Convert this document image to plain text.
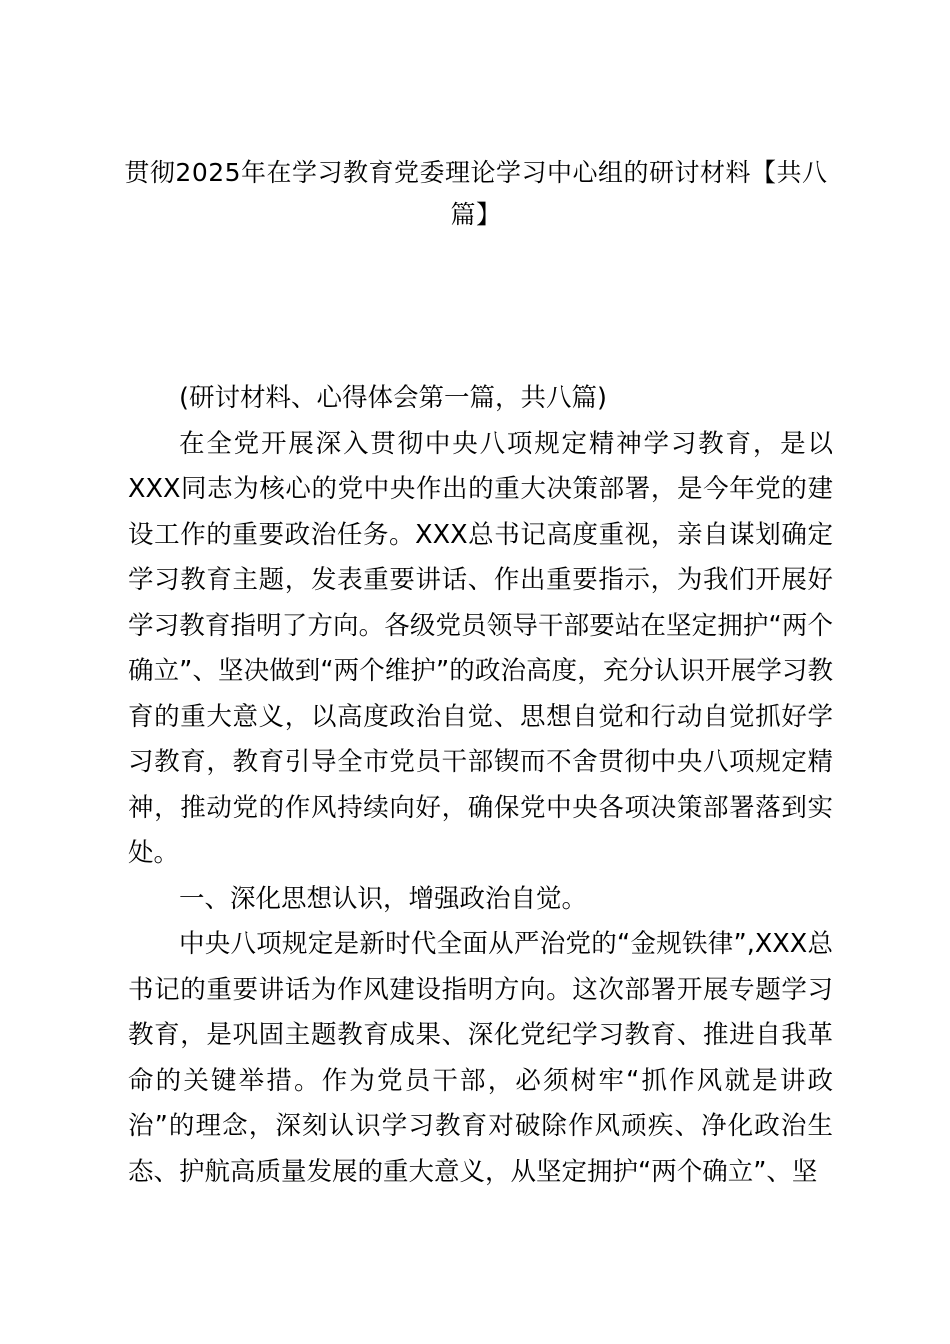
贯彻2025年在学习教育党委理论学习中心组的研讨材料【共八篇】

(研讨材料、心得体会第一篇，共八篇)

在全党开展深入贯彻中央八项规定精神学习教育，是以XXX同志为核心的党中央作出的重大决策部署，是今年党的建设工作的重要政治任务。XXX总书记高度重视，亲自谋划确定学习教育主题，发表重要讲话、作出重要指示，为我们开展好学习教育指明了方向。各级党员领导干部要站在坚定拥护“两个确立”、坚决做到“两个维护”的政治高度，充分认识开展学习教育的重大意义，以高度政治自觉、思想自觉和行动自觉抓好学习教育，教育引导全市党员干部锲而不舍贯彻中央八项规定精神，推动党的作风持续向好，确保党中央各项决策部署落到实处。

一、深化思想认识，增强政治自觉。

中央八项规定是新时代全面从严治党的“金规铁律”,XXX总书记的重要讲话为作风建设指明方向。这次部署开展专题学习教育，是巩固主题教育成果、深化党纪学习教育、推进自我革命的关键举措。作为党员干部，必须树牢“抓作风就是讲政治”的理念，深刻认识学习教育对破除作风顽疾、净化政治生态、护航高质量发展的重大意义，从坚定拥护“两个确立”、坚
